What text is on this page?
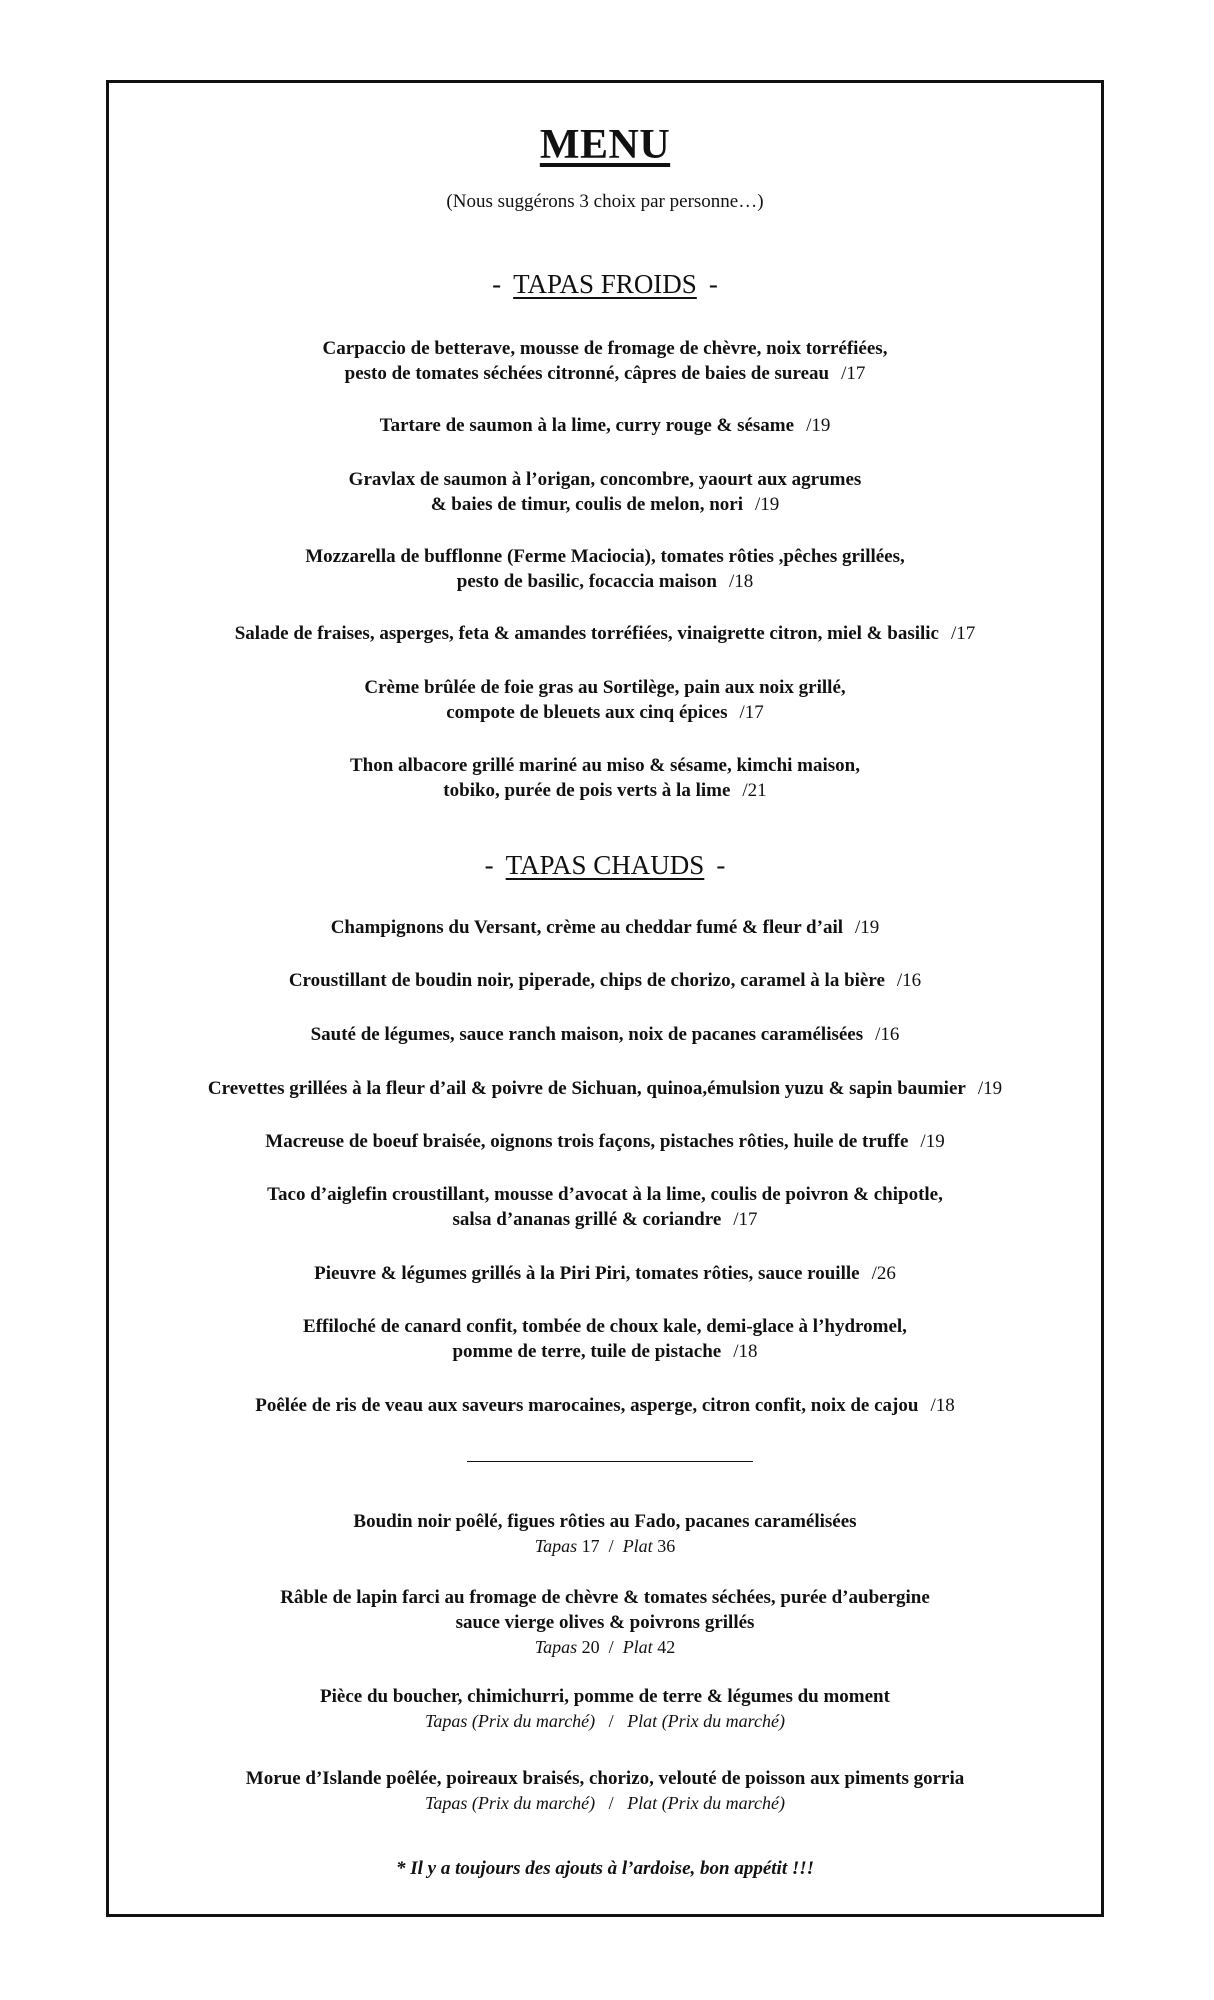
MENU
(Nous suggérons 3 choix par personne…)
- TAPAS FROIDS -
Carpaccio de betterave, mousse de fromage de chèvre, noix torréfiées,
pesto de tomates séchées citronné, câpres de baies de sureau /17
Tartare de saumon à la lime, curry rouge & sésame /19
Gravlax de saumon à l’origan, concombre, yaourt aux agrumes
& baies de timur, coulis de melon, nori /19
Mozzarella de bufflonne (Ferme Maciocia), tomates rôties ,pêches grillées,
pesto de basilic, focaccia maison /18
Salade de fraises, asperges, feta & amandes torréfiées, vinaigrette citron, miel & basilic /17
Crème brûlée de foie gras au Sortilège, pain aux noix grillé,
compote de bleuets aux cinq épices /17
Thon albacore grillé mariné au miso & sésame, kimchi maison,
tobiko, purée de pois verts à la lime /21
- TAPAS CHAUDS -
Champignons du Versant, crème au cheddar fumé & fleur d’ail /19
Croustillant de boudin noir, piperade, chips de chorizo, caramel à la bière /16
Sauté de légumes, sauce ranch maison, noix de pacanes caramélisées /16
Crevettes grillées à la fleur d’ail & poivre de Sichuan, quinoa,émulsion yuzu & sapin baumier /19
Macreuse de boeuf braisée, oignons trois façons, pistaches rôties, huile de truffe /19
Taco d’aiglefin croustillant, mousse d’avocat à la lime, coulis de poivron & chipotle,
salsa d’ananas grillé & coriandre /17
Pieuvre & légumes grillés à la Piri Piri, tomates rôties, sauce rouille /26
Effiloché de canard confit, tombée de choux kale, demi-glace à l’hydromel,
pomme de terre, tuile de pistache /18
Poêlée de ris de veau aux saveurs marocaines, asperge, citron confit, noix de cajou /18
Boudin noir poêlé, figues rôties au Fado, pacanes caramélisées
Tapas 17 / Plat 36
Râble de lapin farci au fromage de chèvre & tomates séchées, purée d’aubergine
sauce vierge olives & poivrons grillés
Tapas 20 / Plat 42
Pièce du boucher, chimichurri, pomme de terre & légumes du moment
Tapas (Prix du marché) / Plat (Prix du marché)
Morue d’Islande poêlée, poireaux braisés, chorizo, velouté de poisson aux piments gorria
Tapas (Prix du marché) / Plat (Prix du marché)
* Il y a toujours des ajouts à l’ardoise, bon appétit !!!
